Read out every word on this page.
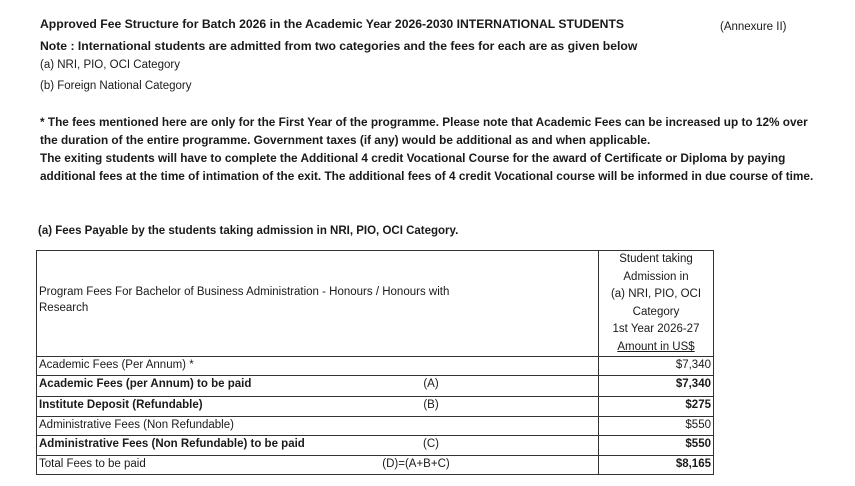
Approved Fee Structure for Batch 2026 in the Academic Year 2026-2030 INTERNATIONAL STUDENTS	(Annexure II)
Note : International students are admitted from two categories and the fees for each are as given below
(a) NRI, PIO, OCI Category
(b) Foreign National Category
* The fees mentioned here are only for the First Year of the programme. Please note that Academic Fees can be increased up to 12% over
the duration of the entire programme. Government taxes (if any) would be additional as and when applicable.
The exiting students will have to complete the Additional 4 credit Vocational Course for the award of Certificate or Diploma by paying
additional fees at the time of intimation of the exit. The additional fees of 4 credit Vocational course will be informed in due course of time.
(a) Fees Payable by the students taking admission in NRI, PIO, OCI Category.
Program Fees For Bachelor of Business Administration - Honours / Honours with
Research
Student taking
Admission in
(a) NRI, PIO, OCI
Category
1st Year 2026-27
Amount in US$
Academic Fees (Per Annum) *	$7,340
Academic Fees (per Annum) to be paid	(A)	$7,340
Institute Deposit (Refundable)	(B)	$275
Administrative Fees (Non Refundable)	$550
Administrative Fees (Non Refundable) to be paid	(C)	$550
Total Fees to be paid	(D)=(A+B+C)	$8,165
